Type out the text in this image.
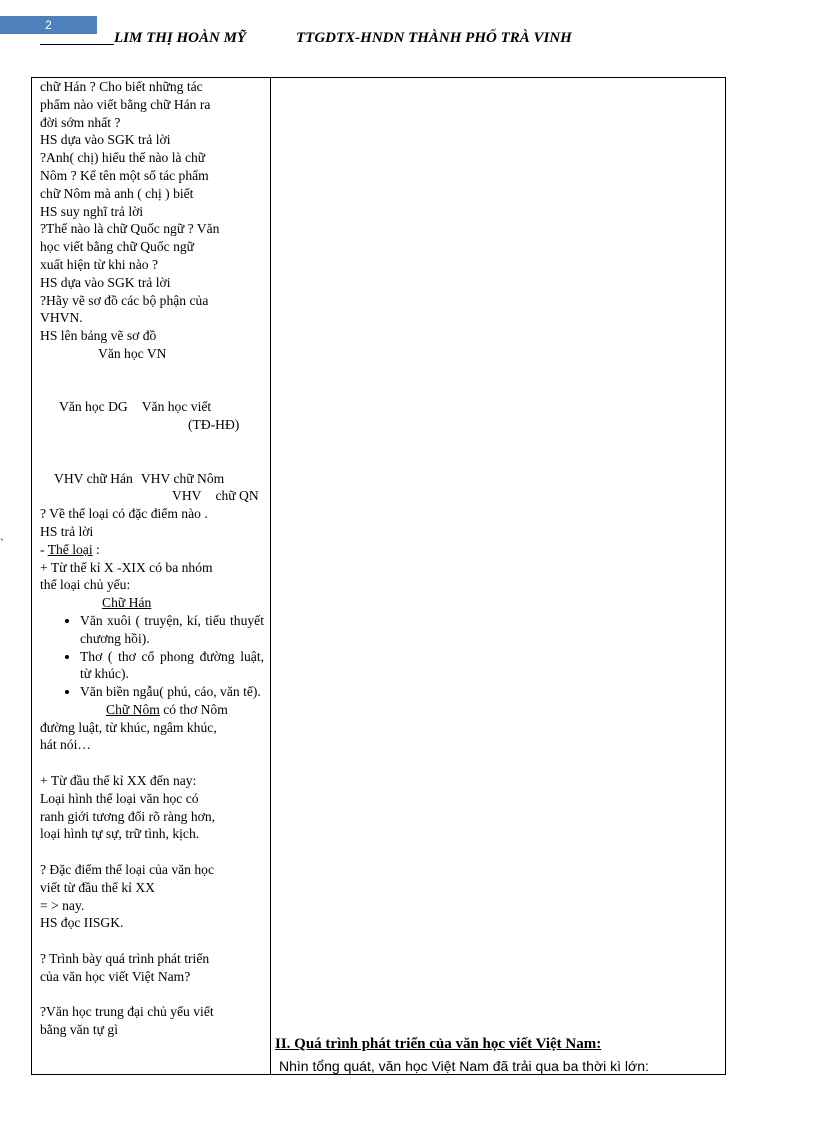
2
LIM THỊ HOÀN MỸ	TTGDTX-HNDN THÀNH PHỐ TRÀ VINH
`

chữ Hán ? Cho biết những tác

phẩm nào viết bằng chữ Hán ra

đời sớm nhất ?

HS dựa vào SGK trả lời

?Anh( chị) hiểu thế nào là chữ

Nôm ? Kể tên một số tác phẩm

chữ Nôm mà anh ( chị ) biết

HS suy nghĩ trả lời

?Thế nào là chữ Quốc ngữ ? Văn

học viết bằng chữ Quốc ngữ

xuất hiện từ khi nào ?

HS dựa vào SGK trả lời

?Hãy vẽ sơ đồ các bộ phận của

VHVN.

HS lên bảng vẽ sơ đồ

Văn học VN

Văn học DG Văn học viết

(TĐ-HĐ)

VHV chữ Hán VHV chữ Nôm

VHV chữ QN

? Về thể loại có đặc điểm nào .

HS trả lời

- Thể loại :

+ Từ thế kỉ X -XIX có ba nhóm

thể loại chủ yếu:

Chữ Hán

• Văn xuôi ( truyện, kí, tiểu thuyết chương hồi).
• Thơ ( thơ cổ phong đường luật, từ khúc).
• Văn biền ngẫu( phú, cáo, văn tế).

Chữ Nôm có thơ Nôm

đường luật, từ khúc, ngâm khúc,

hát nói…

+ Từ đầu thế kỉ XX đến nay:

Loại hình thể loại văn học có

ranh giới tương đối rõ ràng hơn,

loại hình tự sự, trữ tình, kịch.

? Đặc điểm thể loại của văn học

viết từ đầu thế kỉ XX

= > nay.

HS đọc IISGK.

? Trình bày quá trình phát triển

của văn học viết Việt Nam?

?Văn học trung đại chủ yếu viết

bằng văn tự gì

II. Quá trình phát triển của văn học viết Việt Nam:
Nhìn tổng quát, văn học Việt Nam đã trải qua ba thời kì lớn:
